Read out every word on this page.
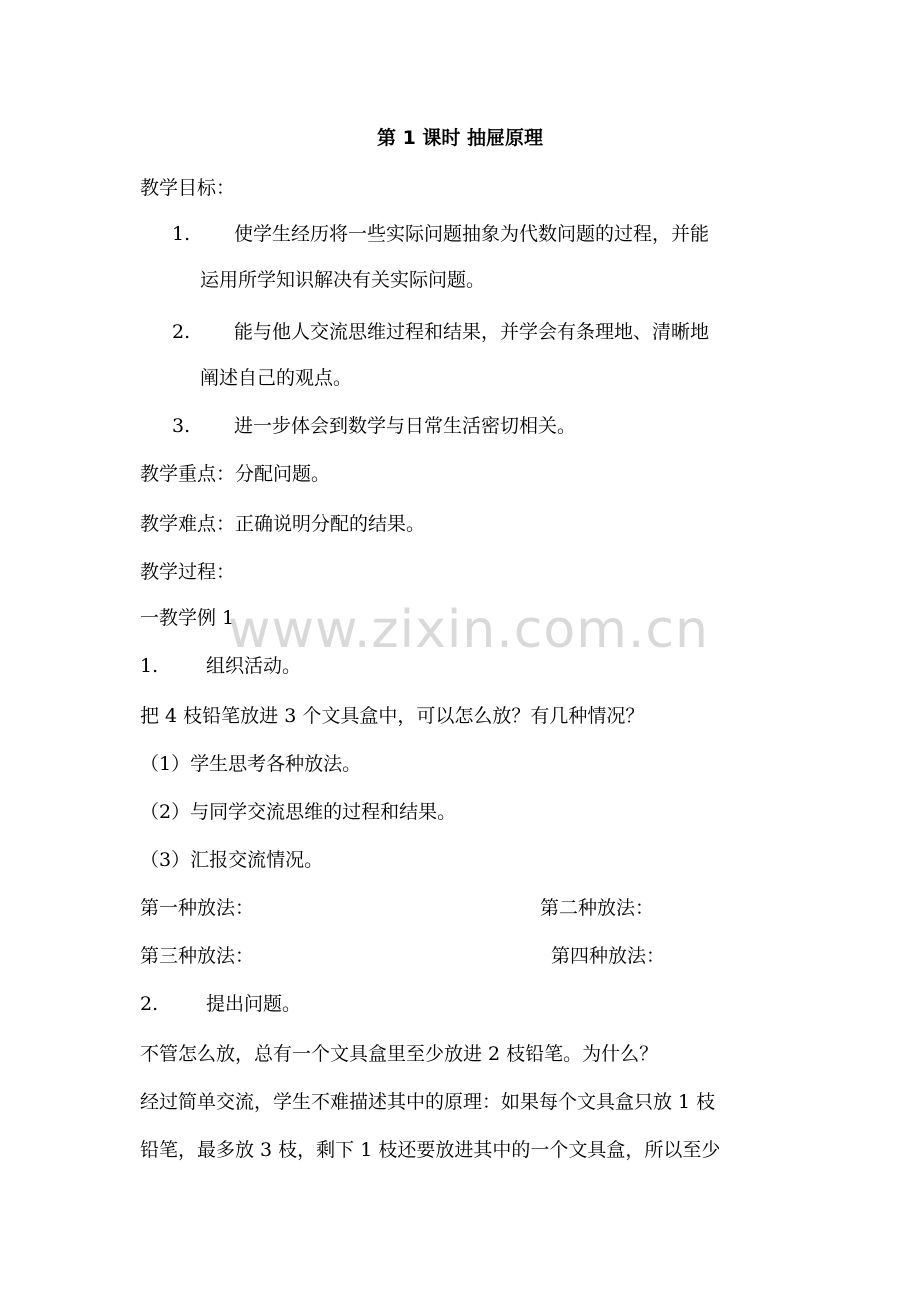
第 1 课时 抽屉原理
教学目标：
1. 使学生经历将一些实际问题抽象为代数问题的过程，并能
运用所学知识解决有关实际问题。
2. 能与他人交流思维过程和结果，并学会有条理地、清晰地
阐述自己的观点。
3. 进一步体会到数学与日常生活密切相关。
教学重点：分配问题。
教学难点：正确说明分配的结果。
教学过程：
一教学例 1
1.	组织活动。
把 4 枝铅笔放进 3 个文具盒中，可以怎么放？有几种情况？
（1）学生思考各种放法。
（2）与同学交流思维的过程和结果。
（3）汇报交流情况。
第一种放法：	第二种放法：
第三种放法：	第四种放法：
2.	提出问题。
不管怎么放，总有一个文具盒里至少放进 2 枝铅笔。为什么？
经过简单交流，学生不难描述其中的原理：如果每个文具盒只放 1 枝
铅笔，最多放 3 枝，剩下 1 枝还要放进其中的一个文具盒，所以至少
www.zixin.com.cn
